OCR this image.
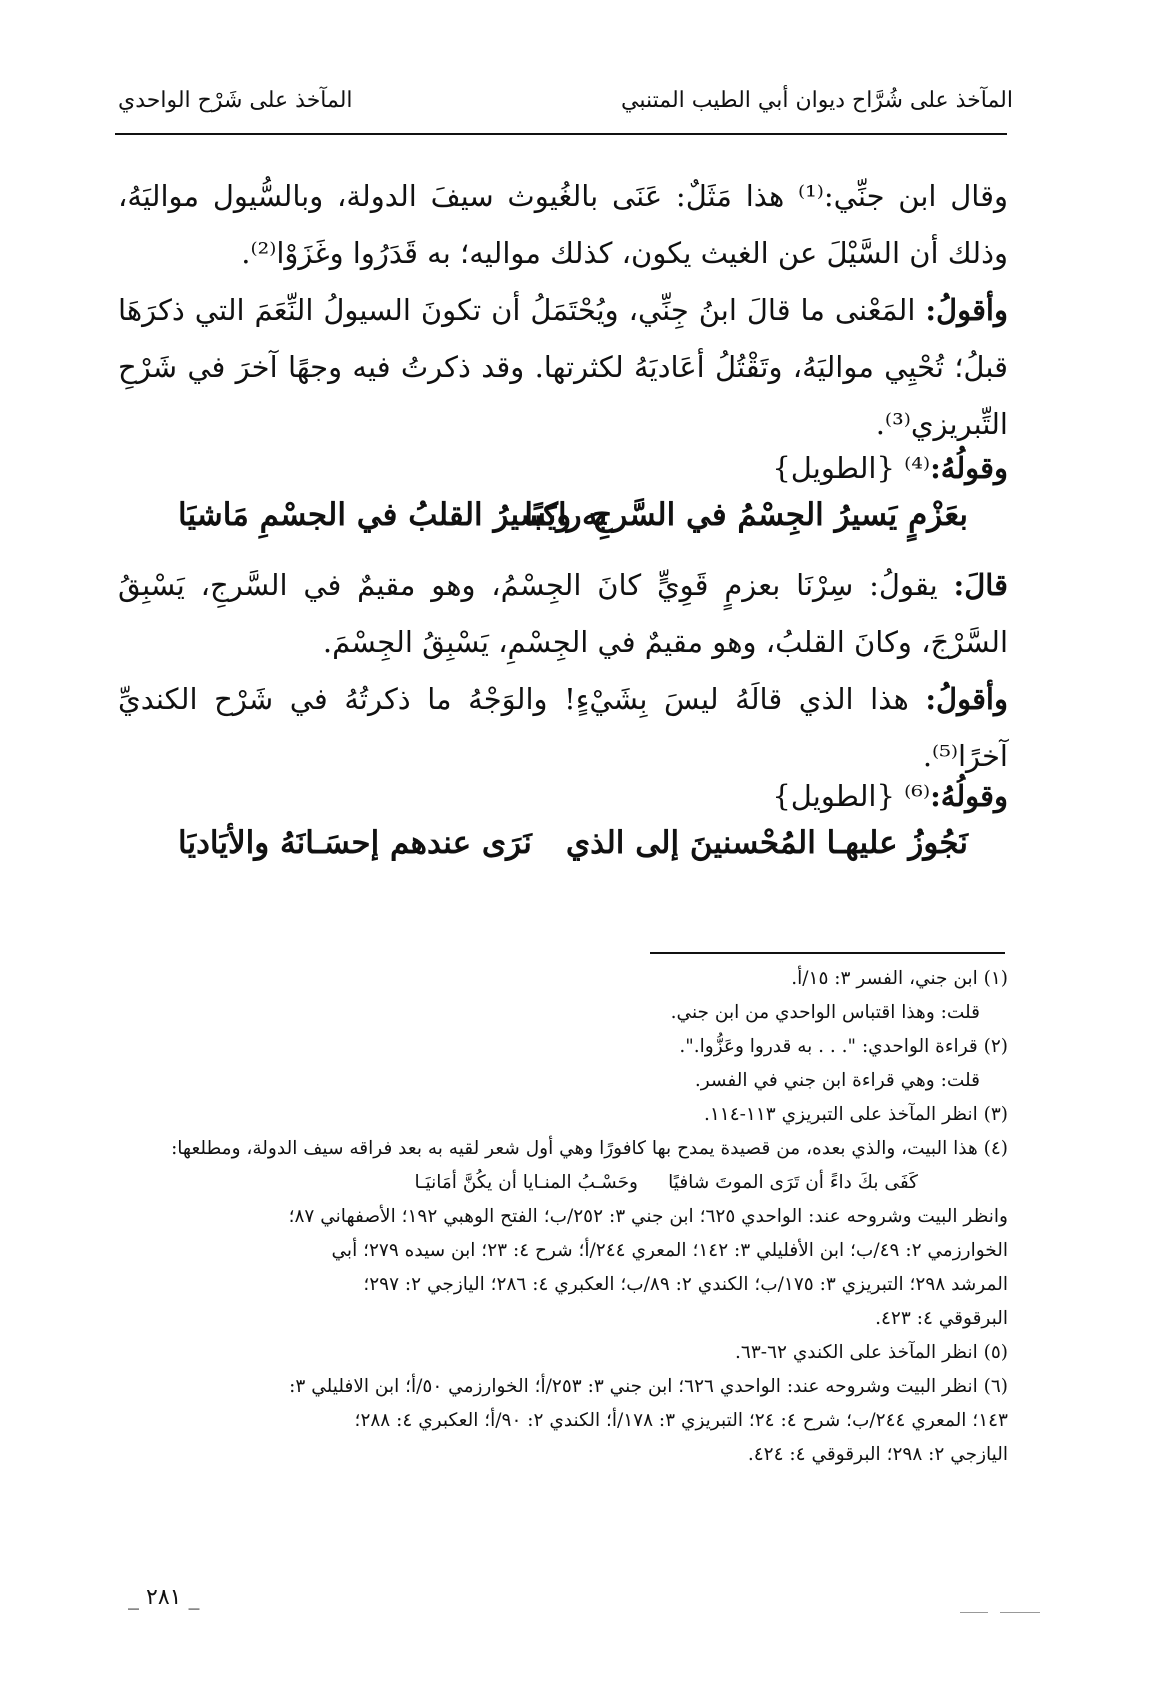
المآخذ على شُرَّاح ديوان أبي الطيب المتنبي
المآخذ على شَرْح الواحدي

وقال ابن جنِّي:⁽¹⁾ هذا مَثَلٌ: عَنَى بالغُيوث سيفَ الدولة، وبالسُّيول مواليَهُ، وذلك أن السَّيْلَ عن الغيث يكون، كذلك مواليه؛ به قَدَرُوا وغَزَوْا⁽²⁾.

وأقولُ: المَعْنى ما قالَ ابنُ جِنِّي، ويُحْتَمَلُ أن تكونَ السيولُ النِّعَمَ التي ذكرَهَا قبلُ؛ تُحْيِي مواليَهُ، وتَقْتُلُ أعَاديَهُ لكثرتها. وقد ذكرتُ فيه وجهًا آخرَ في شَرْحِ التِّبريزي⁽³⁾.

وقولُهُ:⁽⁴⁾ {الطويل}
بعَزْمٍ يَسيرُ الجِسْمُ في السَّرجِ راكبًا
به ويَسيرُ القلبُ في الجسْمِ مَاشيَا

قالَ: يقولُ: سِرْنَا بعزمٍ قَوِيٍّ كانَ الجِسْمُ، وهو مقيمٌ في السَّرجِ، يَسْبِقُ السَّرْجَ، وكانَ القلبُ، وهو مقيمٌ في الجِسْمِ، يَسْبِقُ الجِسْمَ.

وأقولُ: هذا الذي قالَهُ ليسَ بِشَيْءٍ! والوَجْهُ ما ذكرتُهُ في شَرْح الكنديِّ آخرًا⁽⁵⁾.

وقولُهُ:⁽⁶⁾ {الطويل}
نَجُوزُ عليهـا المُحْسنينَ إلى الذي
نَرَى عندهم إحسَـانَهُ والأيَاديَا
(١) ابن جني، الفسر ٣: ١٥/أ.
قلت: وهذا اقتباس الواحدي من ابن جني.
(٢) قراءة الواحدي: ". . . به قدروا وعَزُّوا.".
قلت: وهي قراءة ابن جني في الفسر.
(٣) انظر المآخذ على التبريزي ١١٣-١١٤.
(٤) هذا البيت، والذي بعده، من قصيدة يمدح بها كافورًا وهي أول شعر لقيه به بعد فراقه سيف الدولة، ومطلعها:
كَفَى بكَ داءً أن تَرَى الموتَ شافيًا
وحَسْـبُ المنـايا أن يكُنَّ أمَانيَـا
وانظر البيت وشروحه عند: الواحدي ٦٢٥؛ ابن جني ٣: ٢٥٢/ب؛ الفتح الوهبي ١٩٢؛ الأصفهاني ٨٧؛
الخوارزمي ٢: ٤٩/ب؛ ابن الأفليلي ٣: ١٤٢؛ المعري ٢٤٤/أ؛ شرح ٤: ٢٣؛ ابن سيده ٢٧٩؛ أبي
المرشد ٢٩٨؛ التبريزي ٣: ١٧٥/ب؛ الكندي ٢: ٨٩/ب؛ العكبري ٤: ٢٨٦؛ اليازجي ٢: ٢٩٧؛
البرقوقي ٤: ٤٢٣.
(٥) انظر المآخذ على الكندي ٦٢-٦٣.
(٦) انظر البيت وشروحه عند: الواحدي ٦٢٦؛ ابن جني ٣: ٢٥٣/أ؛ الخوارزمي ٥٠/أ؛ ابن الافليلي ٣:
١٤٣؛ المعري ٢٤٤/ب؛ شرح ٤: ٢٤؛ التبريزي ٣: ١٧٨/أ؛ الكندي ٢: ٩٠/أ؛ العكبري ٤: ٢٨٨؛
اليازجي ٢: ٢٩٨؛ البرقوقي ٤: ٤٢٤.
_ ٢٨١ _
